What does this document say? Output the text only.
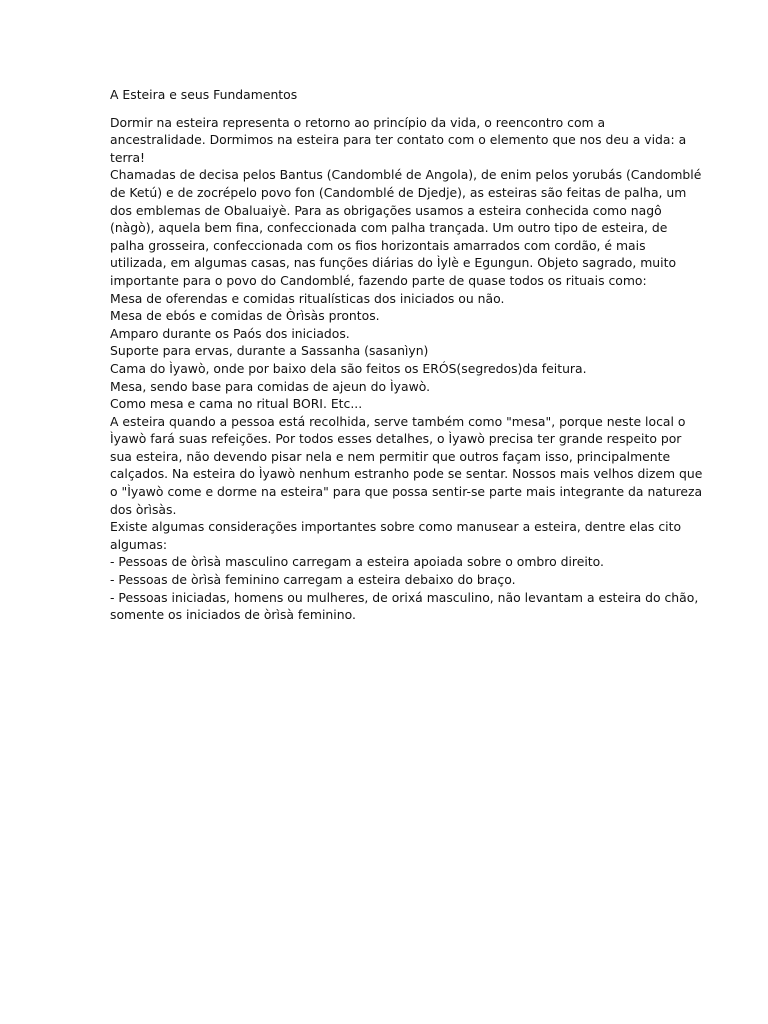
A Esteira e seus Fundamentos
Dormir na esteira representa o retorno ao princípio da vida, o reencontro com a
ancestralidade. Dormimos na esteira para ter contato com o elemento que nos deu a vida: a
terra!
Chamadas de decisa pelos Bantus (Candomblé de Angola), de enim pelos yorubás (Candomblé
de Ketú) e de zocrépelo povo fon (Candomblé de Djedje), as esteiras são feitas de palha, um
dos emblemas de Obaluaiyè. Para as obrigações usamos a esteira conhecida como nagô
(nàgò), aquela bem fina, confeccionada com palha trançada. Um outro tipo de esteira, de
palha grosseira, confeccionada com os fios horizontais amarrados com cordão, é mais
utilizada, em algumas casas, nas funções diárias do Ìylè e Egungun. Objeto sagrado, muito
importante para o povo do Candomblé, fazendo parte de quase todos os rituais como:
Mesa de oferendas e comidas ritualísticas dos iniciados ou não.
Mesa de ebós e comidas de Òrìsàs prontos.
Amparo durante os Paós dos iniciados.
Suporte para ervas, durante a Sassanha (sasanìyn)
Cama do Ìyawò, onde por baixo dela são feitos os ERÓS(segredos)da feitura.
Mesa, sendo base para comidas de ajeun do Ìyawò.
Como mesa e cama no ritual BORI. Etc...
A esteira quando a pessoa está recolhida, serve também como "mesa", porque neste local o
Ìyawò fará suas refeições. Por todos esses detalhes, o Ìyawò precisa ter grande respeito por
sua esteira, não devendo pisar nela e nem permitir que outros façam isso, principalmente
calçados. Na esteira do Ìyawò nenhum estranho pode se sentar. Nossos mais velhos dizem que
o "Ìyawò come e dorme na esteira" para que possa sentir-se parte mais integrante da natureza
dos òrìsàs.
Existe algumas considerações importantes sobre como manusear a esteira, dentre elas cito
algumas:
- Pessoas de òrìsà masculino carregam a esteira apoiada sobre o ombro direito.
- Pessoas de òrìsà feminino carregam a esteira debaixo do braço.
- Pessoas iniciadas, homens ou mulheres, de orixá masculino, não levantam a esteira do chão,
somente os iniciados de òrìsà feminino.
